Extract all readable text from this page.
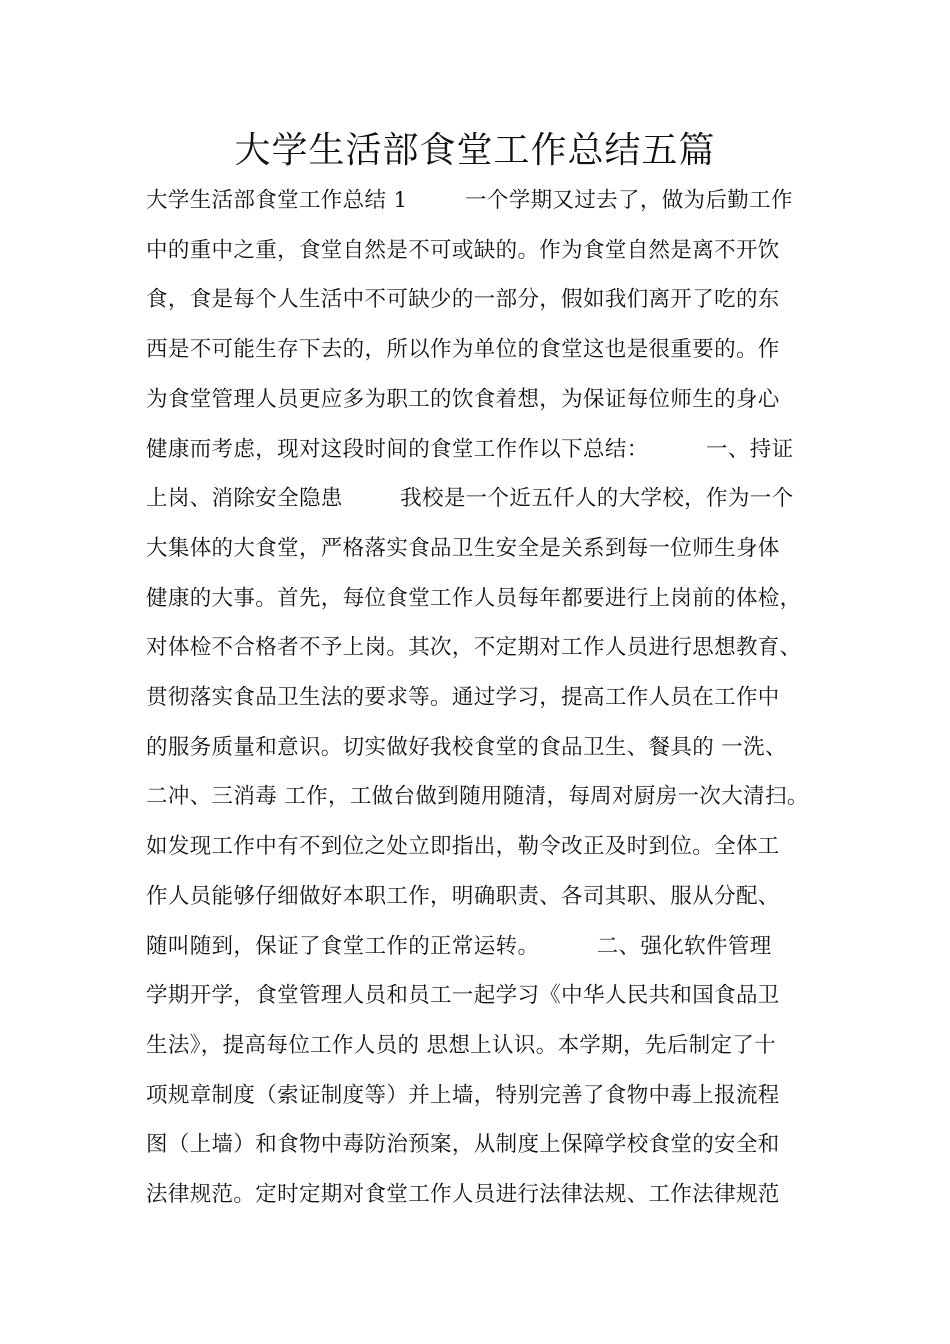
大学生活部食堂工作总结五篇
大学生活部食堂工作总结 1        一个学期又过去了，做为后勤工作
中的重中之重，食堂自然是不可或缺的。作为食堂自然是离不开饮
食，食是每个人生活中不可缺少的一部分，假如我们离开了吃的东
西是不可能生存下去的，所以作为单位的食堂这也是很重要的。作
为食堂管理人员更应多为职工的饮食着想，为保证每位师生的身心
健康而考虑，现对这段时间的食堂工作作以下总结：        一、持证
上岗、消除安全隐患        我校是一个近五仟人的大学校，作为一个
大集体的大食堂，严格落实食品卫生安全是关系到每一位师生身体
健康的大事。首先，每位食堂工作人员每年都要进行上岗前的体检，
对体检不合格者不予上岗。其次，不定期对工作人员进行思想教育、
贯彻落实食品卫生法的要求等。通过学习，提高工作人员在工作中
的服务质量和意识。切实做好我校食堂的食品卫生、餐具的 一洗、
二冲、三消毒 工作，工做台做到随用随清，每周对厨房一次大清扫。
如发现工作中有不到位之处立即指出，勒令改正及时到位。全体工
作人员能够仔细做好本职工作，明确职责、各司其职、服从分配、
随叫随到，保证了食堂工作的正常运转。        二、强化软件管理
学期开学，食堂管理人员和员工一起学习《中华人民共和国食品卫
生法》，提高每位工作人员的 思想上认识。本学期，先后制定了十
项规章制度（索证制度等）并上墙，特别完善了食物中毒上报流程
图（上墙）和食物中毒防治预案，从制度上保障学校食堂的安全和
法律规范。定时定期对食堂工作人员进行法律法规、工作法律规范
